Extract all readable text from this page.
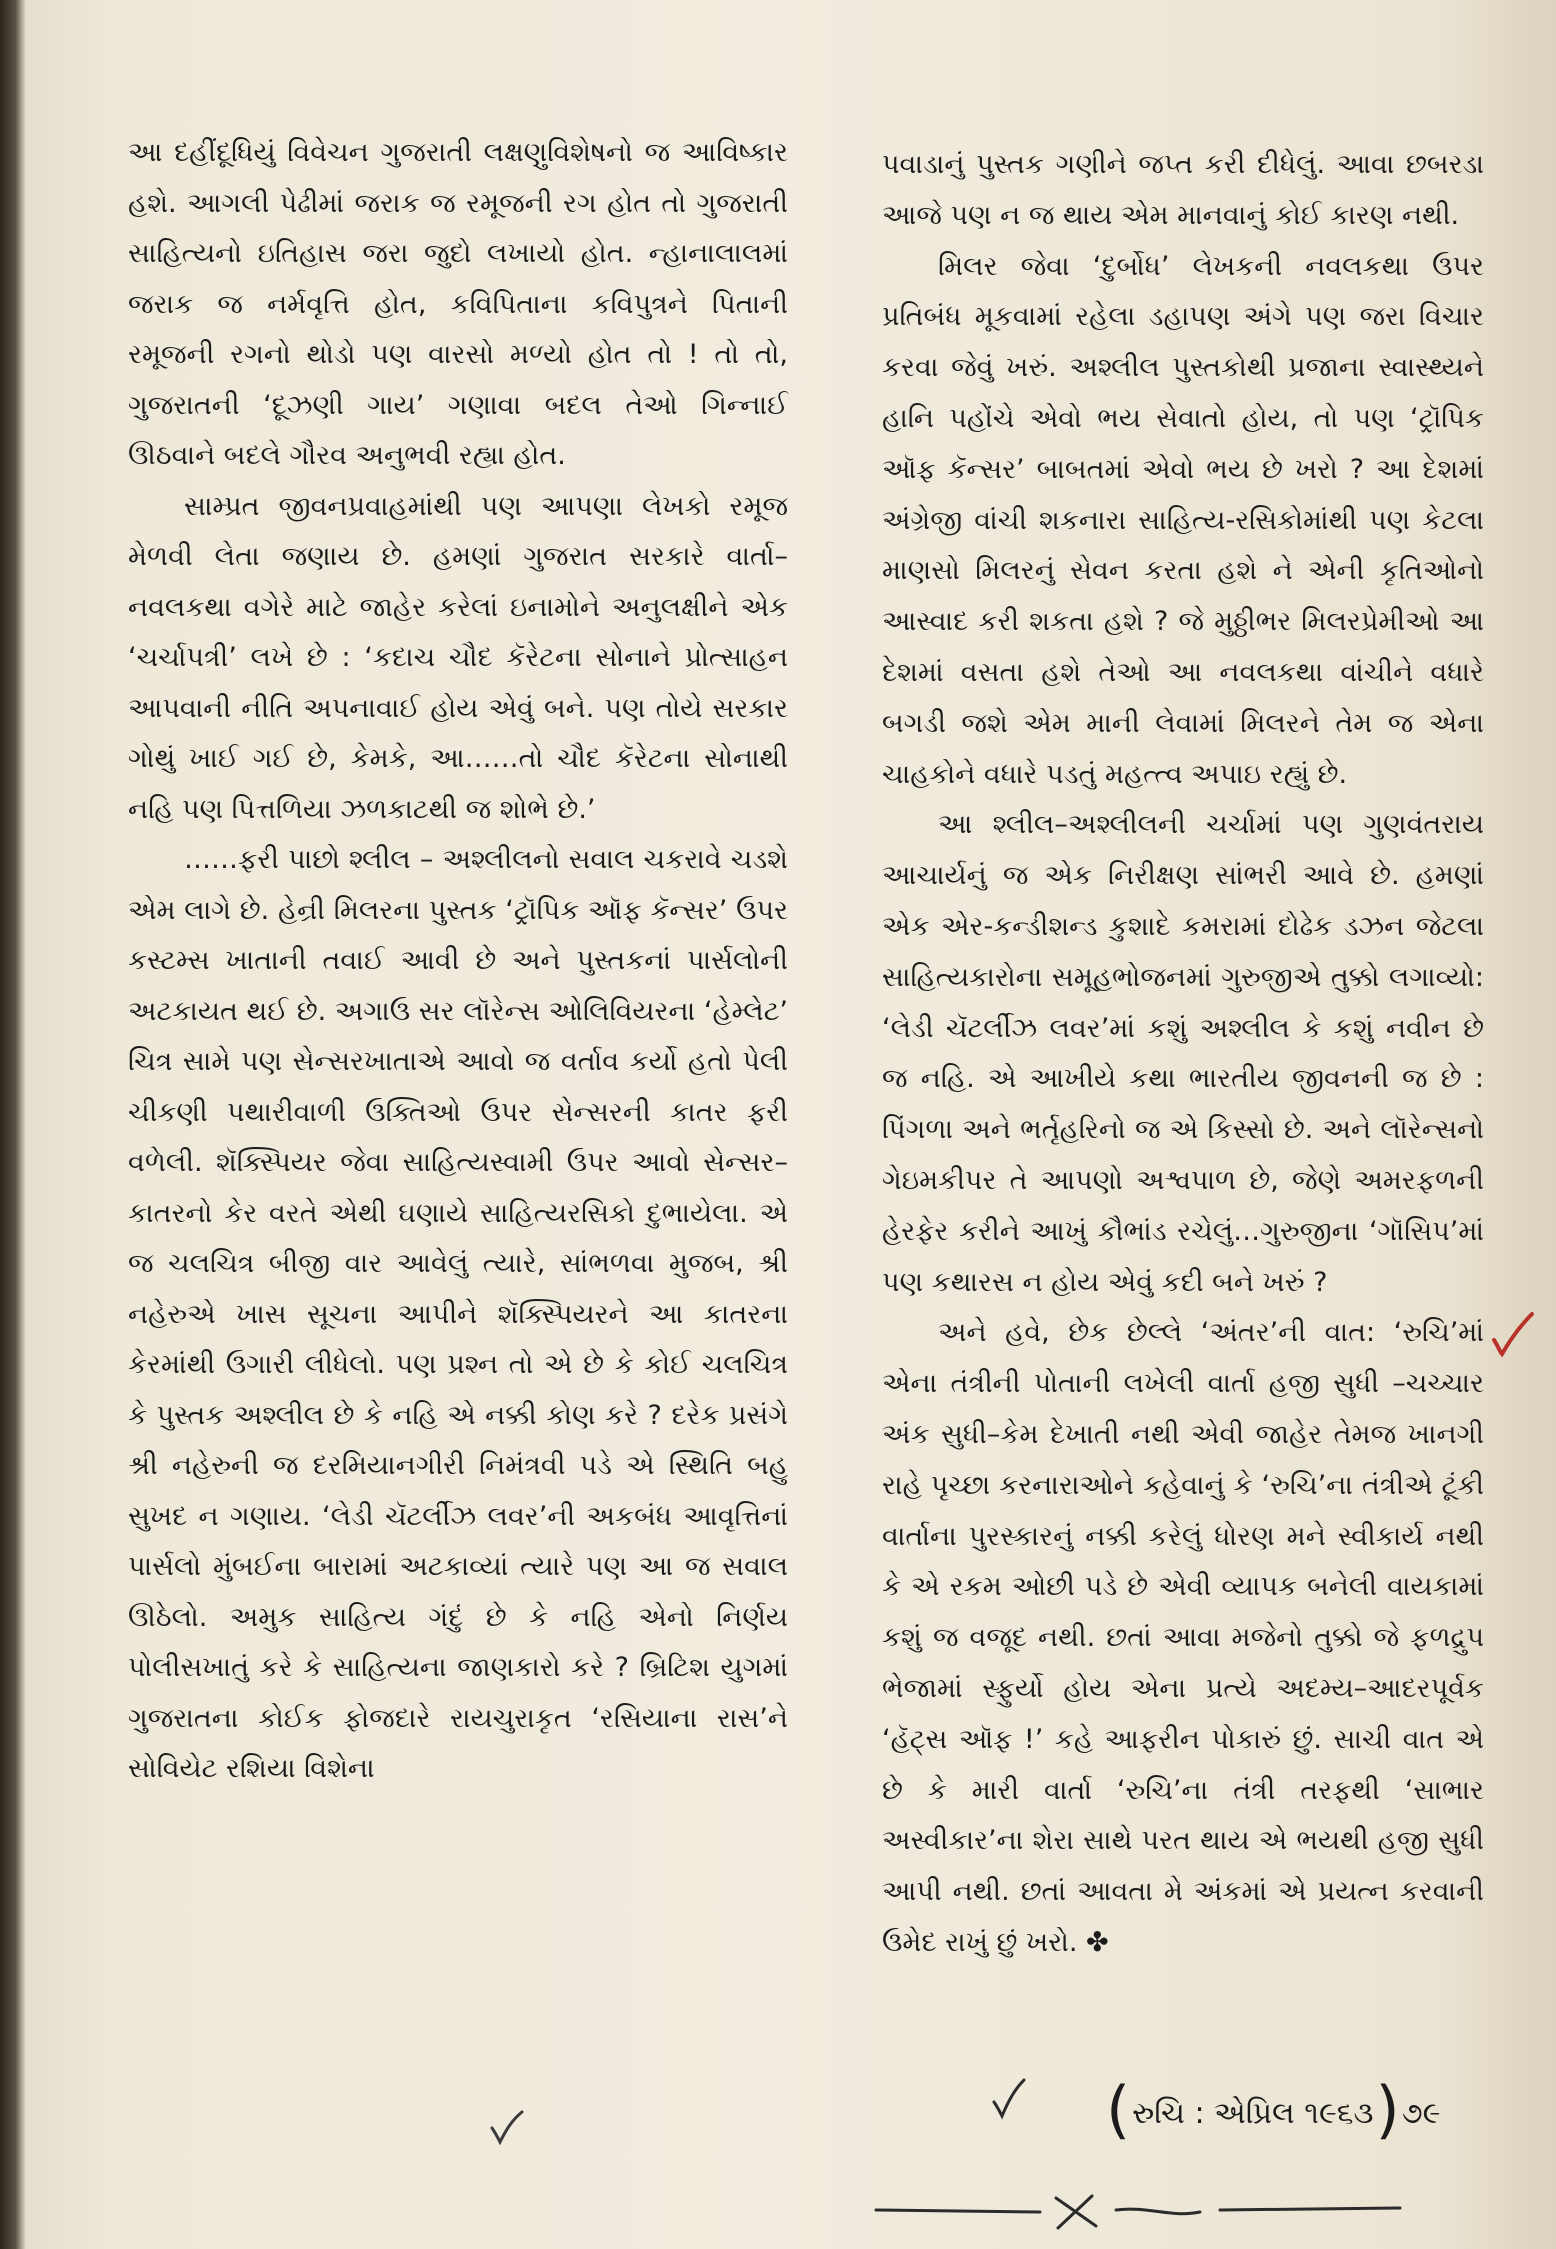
આ દહીંદૂધિયું વિવેચન ગુજરાતી લક્ષણુવિશેષનો જ આવિષ્કાર હશે. આગલી પેઢીમાં જરાક જ રમૂજની રગ હોત તો ગુજરાતી સાહિત્યનો ઇતિહાસ જરા જુદો લખાયો હોત. ન્હાનાલાલમાં જરાક જ નર્મવૃત્તિ હોત, કવિપિતાના કવિપુત્રને પિતાની રમૂજની રગનો થોડો પણ વારસો મળ્યો હોત તો ! તો તો, ગુજરાતની ‘દૂઝણી ગાય’ ગણાવા બદલ તેઓ ગિન્નાઈ ઊઠવાને બદલે ગૌરવ અનુભવી રહ્યા હોત.

સામ્પ્રત જીવનપ્રવાહમાંથી પણ આપણા લેખકો રમૂજ મેળવી લેતા જણાય છે. હમણાં ગુજરાત સરકારે વાર્તા–નવલકથા વગેરે માટે જાહેર કરેલાં ઇનામોને અનુલક્ષીને એક ‘ચર્ચાપત્રી’ લખે છે : ‘કદાચ ચૌદ કૅરેટના સોનાને પ્રોત્સાહન આપવાની નીતિ અપનાવાઈ હોય એવું બને. પણ તોયે સરકાર ગોથું ખાઈ ગઈ છે, કેમકે, આ……તો ચૌદ કૅરેટના સોનાથી નહિ પણ પિત્તળિયા ઝળકાટથી જ શોભે છે.’

……ફરી પાછો શ્લીલ – અશ્લીલનો સવાલ ચકરાવે ચડશે એમ લાગે છે. હેન્રી મિલરના પુસ્તક ‘ટ્રૉપિક ઑફ કૅન્સર’ ઉપર કસ્ટમ્સ ખાતાની તવાઈ આવી છે અને પુસ્તકનાં પાર્સલોની અટકાયત થઈ છે. અગાઉ સર લૉરેન્સ ઓલિવિયરના ‘હેમ્લેટ’ ચિત્ર સામે પણ સેન્સરખાતાએ આવો જ વર્તાવ કર્યો હતો પેલી ચીકણી પથારીવાળી ઉક્તિઓ ઉપર સેન્સરની કાતર ફરી વળેલી. શૅક્સ્પિયર જેવા સાહિત્યસ્વામી ઉપર આવો સેન્સર–કાતરનો કેર વરતે એથી ઘણાયે સાહિત્યરસિકો દુભાયેલા. એ જ ચલચિત્ર બીજી વાર આવેલું ત્યારે, સાંભળવા મુજબ, શ્રી નહેરુએ ખાસ સૂચના આપીને શૅક્સ્પિયરને આ કાતરના કેરમાંથી ઉગારી લીધેલો. પણ પ્રશ્ન તો એ છે કે કોઈ ચલચિત્ર કે પુસ્તક અશ્લીલ છે કે નહિ એ નક્કી કોણ કરે ? દરેક પ્રસંગે શ્રી નહેરુની જ દરમિયાનગીરી નિમંત્રવી પડે એ સ્થિતિ બહુ સુખદ ન ગણાય. ‘લેડી ચૅટર્લીઝ લવર’ની અકબંધ આવૃત્તિનાં પાર્સલો મુંબઈના બારામાં અટકાવ્યાં ત્યારે પણ આ જ સવાલ ઊઠેલો. અમુક સાહિત્ય ગંદું છે કે નહિ એનો નિર્ણય પોલીસખાતું કરે કે સાહિત્યના જાણકારો કરે ? બ્રિટિશ યુગમાં ગુજરાતના કોઈક ફોજદારે રાયચુરાકૃત ‘રસિયાના રાસ’ને સોવિયેટ રશિયા વિશેના

પવાડાનું પુસ્તક ગણીને જપ્ત કરી દીધેલું. આવા છબરડા આજે પણ ન જ થાય એમ માનવાનું કોઈ કારણ નથી.

મિલર જેવા ‘દુર્બોધ’ લેખકની નવલકથા ઉપર પ્રતિબંધ મૂકવામાં રહેલા ડહાપણ અંગે પણ જરા વિચાર કરવા જેવું ખરું. અશ્લીલ પુસ્તકોથી પ્રજાના સ્વાસ્થ્યને હાનિ પહોંચે એવો ભય સેવાતો હોય, તો પણ ‘ટ્રૉપિક ઑફ કૅન્સર’ બાબતમાં એવો ભય છે ખરો ? આ દેશમાં અંગ્રેજી વાંચી શકનારા સાહિત્ય-રસિકોમાંથી પણ કેટલા માણસો મિલરનું સેવન કરતા હશે ને એની કૃતિઓનો આસ્વાદ કરી શકતા હશે ? જે મુઠ્ઠીભર મિલરપ્રેમીઓ આ દેશમાં વસતા હશે તેઓ આ નવલકથા વાંચીને વધારે બગડી જશે એમ માની લેવામાં મિલરને તેમ જ એના ચાહકોને વધારે પડતું મહત્ત્વ અપાઇ રહ્યું છે.

આ શ્લીલ–અશ્લીલની ચર્ચામાં પણ ગુણવંતરાય આચાર્યનું જ એક નિરીક્ષણ સાંભરી આવે છે. હમણાં એક એર-કન્ડીશન્ડ કુશાદે કમરામાં દોઢેક ડઝન જેટલા સાહિત્યકારોના સમૂહભોજનમાં ગુરુજીએ તુક્કો લગાવ્યો: ‘લેડી ચૅટર્લીઝ લવર’માં કશું અશ્લીલ કે કશું નવીન છે જ નહિ. એ આખીયે કથા ભારતીય જીવનની જ છે : પિંગળા અને ભર્તૃહરિનો જ એ કિસ્સો છે. અને લૉરેન્સનો ગેઇમકીપર તે આપણો અશ્વપાળ છે, જેણે અમરફળની હેરફેર કરીને આખું કૌભાંડ રચેલું…ગુરુજીના ‘ગૉસિપ’માં પણ કથારસ ન હોય એવું કદી બને ખરું ?

અને હવે, છેક છેલ્લે ‘અંતર’ની વાત: ‘રુચિ’માં એના તંત્રીની પોતાની લખેલી વાર્તા હજી સુધી –ચચ્ચાર અંક સુધી–કેમ દેખાતી નથી એવી જાહેર તેમજ ખાનગી રાહે પૃચ્છા કરનારાઓને કહેવાનું કે ‘રુચિ’ના તંત્રીએ ટૂંકી વાર્તાના પુરસ્કારનું નક્કી કરેલું ધોરણ મને સ્વીકાર્ય નથી કે એ રકમ ઓછી પડે છે એવી વ્યાપક બનેલી વાયકામાં કશું જ વજૂદ નથી. છતાં આવા મજેનો તુક્કો જે ફળદ્રુપ ભેજામાં સ્ફુર્યો હોય એના પ્રત્યે અદમ્ય–આદરપૂર્વક ‘હૅટ્સ ઑફ !’ કહે આફરીન પોકારું છું. સાચી વાત એ છે કે મારી વાર્તા ‘રુચિ’ના તંત્રી તરફથી ‘સાભાર અસ્વીકાર’ના શેરા સાથે પરત થાય એ ભયથી હજી સુધી આપી નથી. છતાં આવતા મે અંકમાં એ પ્રયત્ન કરવાની ઉમેદ રાખું છું ખરો. ✤

( રુચિ : એપ્રિલ ૧૯૬૩ ) ૭૯
